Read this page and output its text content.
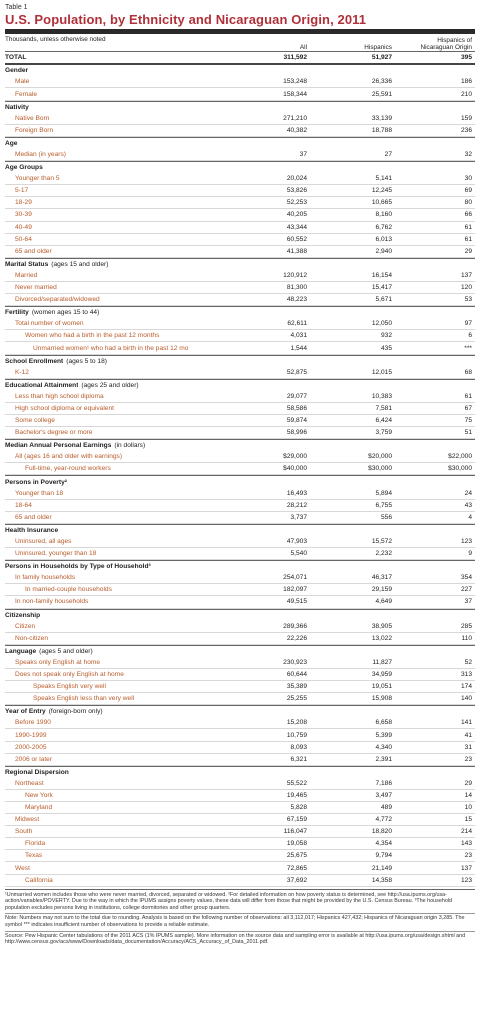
Table 1
U.S. Population, by Ethnicity and Nicaraguan Origin, 2011
Thousands, unless otherwise noted	Hispanics of
All	Hispanics	Nicaraguan Origin
TOTAL	311,592	51,927	395
Gender
Male	153,248	26,336	186
Female	158,344	25,591	210
Nativity
Native Born	271,210	33,139	159
Foreign Born	40,382	18,788	236
Age
Median (in years)	37	27	32
Age Groups
Younger than 5	20,024	5,141	30
5-17	53,826	12,245	69
18-29	52,253	10,665	80
30-39	40,205	8,160	66
40-49	43,344	6,762	61
50-64	60,552	6,013	61
65 and older	41,388	2,940	29
Marital Status (ages 15 and older)
Married	120,912	16,154	137
Never married	81,300	15,417	120
Divorced/separated/widowed	48,223	5,671	53
Fertility (women ages 15 to 44)
Total number of women	62,611	12,050	97
Women who had a birth in the past 12 months	4,031	932	6
Unmarried women¹ who had a birth in the past 12 mo	1,544	435	***
School Enrollment (ages 5 to 18)
K-12	52,875	12,015	68
Educational Attainment (ages 25 and older)
Less than high school diploma	29,077	10,383	61
High school diploma or equivalent	58,586	7,581	67
Some college	59,874	6,424	75
Bachelor's degree or more	58,996	3,759	51
Median Annual Personal Earnings (in dollars)
All (ages 16 and older with earnings)	$29,000	$20,000	$22,000
Full-time, year-round workers	$40,000	$30,000	$30,000
Persons in Poverty²
Younger than 18	16,493	5,894	24
18-64	28,212	6,755	43
65 and older	3,737	556	4
Health Insurance
Uninsured, all ages	47,903	15,572	123
Uninsured, younger than 18	5,540	2,232	9
Persons in Households by Type of Household³
In family households	254,071	46,317	354
In married-couple households	182,097	29,159	227
In non-family households	49,515	4,649	37
Citizenship
Citizen	289,366	38,905	285
Non-citizen	22,226	13,022	110
Language (ages 5 and older)
Speaks only English at home	230,923	11,827	52
Does not speak only English at home	60,644	34,959	313
Speaks English very well	35,389	19,051	174
Speaks English less than very well	25,255	15,908	140
Year of Entry (foreign-born only)
Before 1990	15,208	6,658	141
1990-1999	10,759	5,399	41
2000-2005	8,093	4,340	31
2006 or later	6,321	2,391	23
Regional Dispersion
Northeast	55,522	7,186	29
New York	19,465	3,497	14
Maryland	5,828	489	10
Midwest	67,159	4,772	15
South	116,047	18,820	214
Florida	19,058	4,354	143
Texas	25,675	9,794	23
West	72,865	21,149	137
California	37,692	14,358	123

¹Unmarried women includes those who were never married, divorced, separated or widowed. ²For detailed information on how poverty status is determined, see http://usa.ipums.org/usa-action/variables/POVERTY. Due to the way in which the IPUMS assigns poverty values, these data will differ from those that might be provided by the U.S. Census Bureau. ³The household population excludes persons living in institutions, college dormitories and other group quarters.

Note: Numbers may not sum to the total due to rounding. Analysis is based on the following number of observations: all 3,112,017; Hispanics 427,432; Hispanics of Nicaraguan origin 3,285. The symbol *** indicates insufficient number of observations to provide a reliable estimate.

Source: Pew Hispanic Center tabulations of the 2011 ACS (1% IPUMS sample). More information on the source data and sampling error is available at http://usa.ipums.org/usa/design.shtml and http://www.census.gov/acs/www/Downloads/data_documentation/Accuracy/ACS_Accuracy_of_Data_2011.pdf.
